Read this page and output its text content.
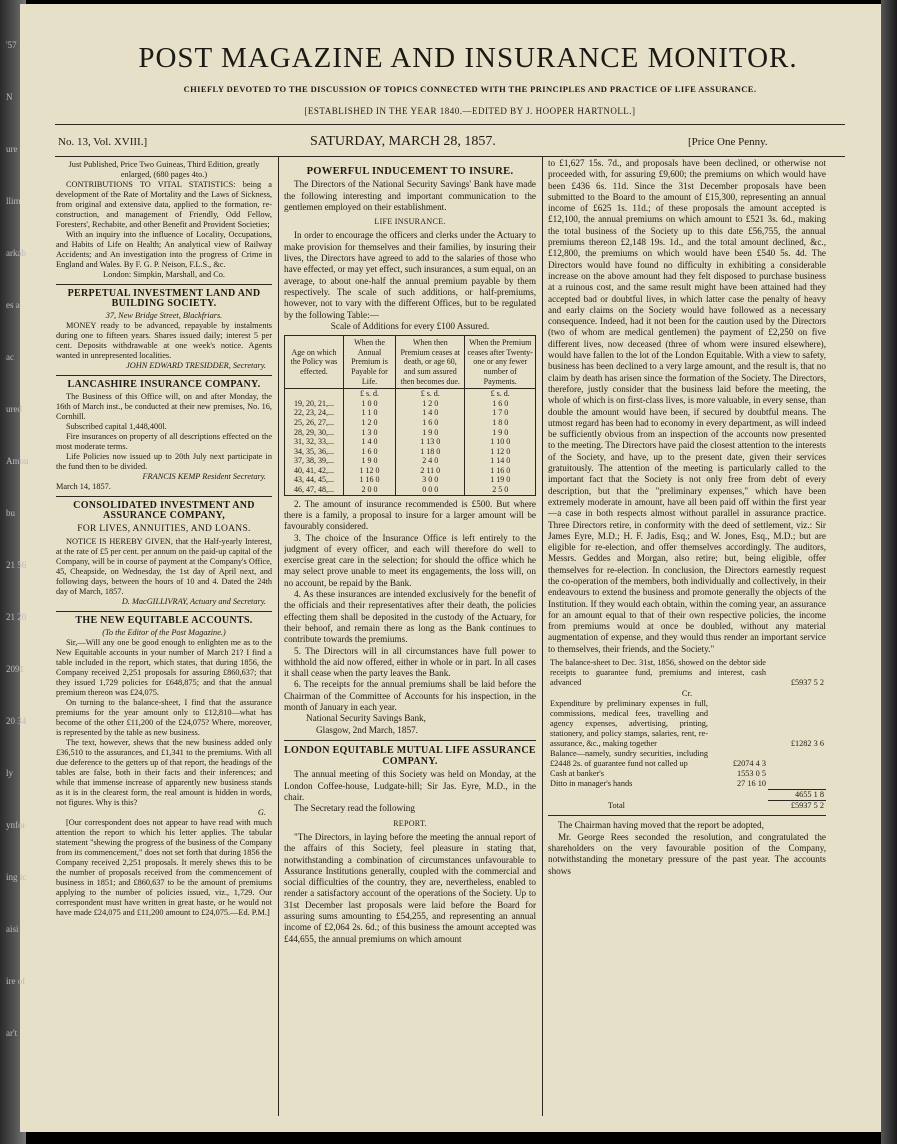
'57	POST MAGAZINE AND INSURANCE MONITOR.
CHIEFLY DEVOTED TO THE DISCUSSION OF TOPICS CONNECTED WITH THE PRINCIPLES AND PRACTICE OF LIFE ASSURANCE.
[ESTABLISHED IN THE YEAR 1840.—EDITED BY J. HOOPER HARTNOLL.]
No. 13, Vol. XVIII.]	SATURDAY, MARCH 28, 1857.	[Price One Penny.
Just Published, Price Two Guineas, Third Edition, greatly enlarged, (680 pages 4to.)

CONTRIBUTIONS TO VITAL STATISTICS: being a development of the Rate of Mortality and the Laws of Sickness, from original and extensive data, applied to the formation, re-construction, and management of Friendly, Odd Fellow, Foresters', Rechabite, and other Benefit and Provident Societies;

With an inquiry into the influence of Locality, Occupations, and Habits of Life on Health; An analytical view of Railway Accidents; and An investigation into the progress of Crime in England and Wales. By F. G. P. Neison, F.L.S., &c.

London: Simpkin, Marshall, and Co.
PERPETUAL INVESTMENT LAND AND BUILDING SOCIETY.
37, New Bridge Street, Blackfriars.

MONEY ready to be advanced, repayable by instalments during one to fifteen years. Shares issued daily; interest 5 per cent. Deposits withdrawable at one week's notice. Agents wanted in unrepresented localities.

JOHN EDWARD TRESIDDER, Secretary.
LANCASHIRE INSURANCE COMPANY.

The Business of this Office will, on and after Monday, the 16th of March inst., be conducted at their new premises, No. 16, Cornhill.

Subscribed capital 1,448,400l.

Fire insurances on property of all descriptions effected on the most moderate terms.

Life Policies now issued up to 20th July next participate in the fund then to be divided.

FRANCIS KEMP Resident Secretary.
March 14, 1857.
CONSOLIDATED INVESTMENT AND ASSURANCE COMPANY,
FOR LIVES, ANNUITIES, AND LOANS.

NOTICE IS HEREBY GIVEN, that the Half-yearly Interest, at the rate of £5 per cent. per annum on the paid-up capital of the Company, will be in course of payment at the Company's Office, 45, Cheapside, on Wednesday, the 1st day of April next, and following days, between the hours of 10 and 4. Dated the 24th day of March, 1857.

D. MacGILLIVRAY, Actuary and Secretary.
THE NEW EQUITABLE ACCOUNTS.
(To the Editor of the Post Magazine.)

Sir,—Will any one be good enough to enlighten me as to the New Equitable accounts in your number of March 21? I find a table included in the report, which states, that during 1856, the Company received 2,251 proposals for assuring £860,637; that they issued 1,729 policies for £648,875; and that the annual premium thereon was £24,075.

On turning to the balance-sheet, I find that the assurance premiums for the year amount only to £12,810—what has become of the other £11,200 of the £24,075? Where, moreover, is represented by the table as new business.

The text, however, shews that the new business added only £36,510 to the assurances, and £1,341 to the premiums. With all due deference to the getters up of that report, the headings of the tables are false, both in their facts and their inferences; and while that immense increase of apparently new business stands as it is in the clearest form, the real amount is hidden in words, not figures. Why is this?

G.

[Our correspondent does not appear to have read with much attention the report to which his letter applies. The tabular statement "shewing the progress of the business of the Company from its commencement," does not set forth that during 1856 the Company received 2,251 proposals. It merely shews this to be the number of proposals received from the commencement of business in 1851; and £860,637 to be the amount of premiums applying to the number of policies issued, viz., 1,729. Our correspondent must have written in great haste, or he would not have made £24,075 and £11,200 amount to £24,075.—Ed. P.M.]

POWERFUL INDUCEMENT TO INSURE.

The Directors of the National Security Savings' Bank have made the following interesting and important communication to the gentlemen employed on their establishment.

LIFE INSURANCE.

In order to encourage the officers and clerks under the Actuary to make provision for themselves and their families, by insuring their lives, the Directors have agreed to add to the salaries of those who have effected, or may yet effect, such insurances, a sum equal, on an average, to about one-half the annual premium payable by them respectively. The scale of such additions, or half-premiums, however, not to vary with the different Offices, but to be regulated by the following Table:—

Scale of Additions for every £100 Assured.
Age on which the Policy was effected.	When the Annual Premium is Payable for Life.	When then Premium ceases at death, or age 60, and sum assured then becomes due.	When the Premium ceases after Twenty-one or any fewer number of Payments.
	£ s. d.	£ s. d.	£ s. d.
19, 20, 21,...	1 0 0	1 2 0	1 6 0
22, 23, 24,...	1 1 0	1 4 0	1 7 0
25, 26, 27,...	1 2 0	1 6 0	1 8 0
28, 29, 30,...	1 3 0	1 9 0	1 9 0
31, 32, 33,...	1 4 0	1 13 0	1 10 0
34, 35, 36,...	1 6 0	1 18 0	1 12 0
37, 38, 39,...	1 9 0	2 4 0	1 14 0
40, 41, 42,...	1 12 0	2 11 0	1 16 0
43, 44, 45,...	1 16 0	3 0 0	1 19 0
46, 47, 48,...	2 0 0	0 0 0	2 5 0

2. The amount of insurance recommended is £500. But where there is a family, a proposal to insure for a larger amount will be favourably considered.

3. The choice of the Insurance Office is left entirely to the judgment of every officer, and each will therefore do well to exercise great care in the selection; for should the office which he may select prove unable to meet its engagements, the loss will, on no account, be repaid by the Bank.

4. As these insurances are intended exclusively for the benefit of the officials and their representatives after their death, the policies effecting them shall be deposited in the custody of the Actuary, for their behoof, and remain there as long as the Bank continues to contribute towards the premiums.

5. The Directors will in all circumstances have full power to withhold the aid now offered, either in whole or in part. In all cases it shall cease when the party leaves the Bank.

6. The receipts for the annual premiums shall be laid before the Chairman of the Committee of Accounts for his inspection, in the month of January in each year.

National Security Savings Bank,
Glasgow, 2nd March, 1857.
LONDON EQUITABLE MUTUAL LIFE ASSURANCE COMPANY.

The annual meeting of this Society was held on Monday, at the London Coffee-house, Ludgate-hill; Sir Jas. Eyre, M.D., in the chair.

The Secretary read the following

REPORT.

"The Directors, in laying before the meeting the annual report of the affairs of this Society, feel pleasure in stating that, notwithstanding a combination of circumstances unfavourable to Assurance Institutions generally, coupled with the commercial and social difficulties of the country, they are, nevertheless, enabled to render a satisfactory account of the operations of the Society. Up to 31st December last proposals were laid before the Board for assuring sums amounting to £54,255, and representing an annual income of £2,064 2s. 6d.; of this business the amount accepted was £44,655, the annual premiums on which amount

to £1,627 15s. 7d., and proposals have been declined, or otherwise not proceeded with, for assuring £9,600; the premiums on which would have been £436 6s. 11d. Since the 31st December proposals have been submitted to the Board to the amount of £15,300, representing an annual income of £625 1s. 11d.; of these proposals the amount accepted is £12,100, the annual premiums on which amount to £521 3s. 6d., making the total business of the Society up to this date £56,755, the annual premiums thereon £2,148 19s. 1d., and the total amount declined, &c., £12,800, the premiums on which would have been £540 5s. 4d. The Directors would have found no difficulty in exhibiting a considerable increase on the above amount had they felt disposed to purchase business at a ruinous cost, and the same result might have been attained had they accepted bad or doubtful lives, in which latter case the penalty of heavy and early claims on the Society would have followed as a necessary consequence. Indeed, had it not been for the caution used by the Directors (two of whom are medical gentlemen) the payment of £2,250 on five different lives, now deceased (three of whom were insured elsewhere), would have fallen to the lot of the London Equitable. With a view to safety, business has been declined to a very large amount, and the result is, that no claim by death has arisen since the formation of the Society. The Directors, therefore, justly consider that the business laid before the meeting, the whole of which is on first-class lives, is more valuable, in every sense, than double the amount would have been, if secured by doubtful means. The utmost regard has been had to economy in every department, as will indeed be sufficiently obvious from an inspection of the accounts now presented to the meeting. The Directors have paid the closest attention to the interests of the Society, and have, up to the present date, given their services gratuitously. The attention of the meeting is particularly called to the important fact that the Society is not only free from debt of every description, but that the "preliminary expenses," which have been extremely moderate in amount, have all been paid off within the first year—a case in both respects almost without parallel in assurance practice. Three Directors retire, in conformity with the deed of settlement, viz.: Sir James Eyre, M.D.; H. F. Jadis, Esq.; and W. Jones, Esq., M.D.; but are eligible for re-election, and offer themselves accordingly. The auditors, Messrs. Geddes and Morgan, also retire; but, being eligible, offer themselves for re-election. In conclusion, the Directors earnestly request the co-operation of the members, both individually and collectively, in their endeavours to extend the business and promote generally the objects of the Institution. If they would each obtain, within the coming year, an assurance for an amount equal to that of their own respective policies, the income from premiums would at once be doubled, without any material augmentation of expense, and they would thus render an important service to themselves, their friends, and the Society."

The balance-sheet to Dec. 31st, 1856, showed on the debtor side receipts to guarantee fund, premiums and interest, cash advanced	£5937 5 2
Cr.
Expenditure by preliminary expenses in full, commissions, medical fees, travelling and agency expenses, advertising, printing, stationery, and policy stamps, salaries, rent, re-assurance, &c., making together		£1282 3 6
Balance—namely, sundry securities, including £2448 2s. of guarantee fund not called up	£2074 4 3	
Cash at banker's	1553 0 5	
Ditto in manager's hands	27 16 10	
	4655 1 8
Total	£5937 5 2

The Chairman having moved that the report be adopted,

Mr. George Rees seconded the resolution, and congratulated the shareholders on the very favourable position of the Company, notwithstanding the monetary pressure of the past year. The accounts shows

N
ure
llim
arkab
es a
ac
ured
Amou
bu
21 56
21 20
2091
20 34
ly
ynfor
ing ic
aisi
ire of
ar't
